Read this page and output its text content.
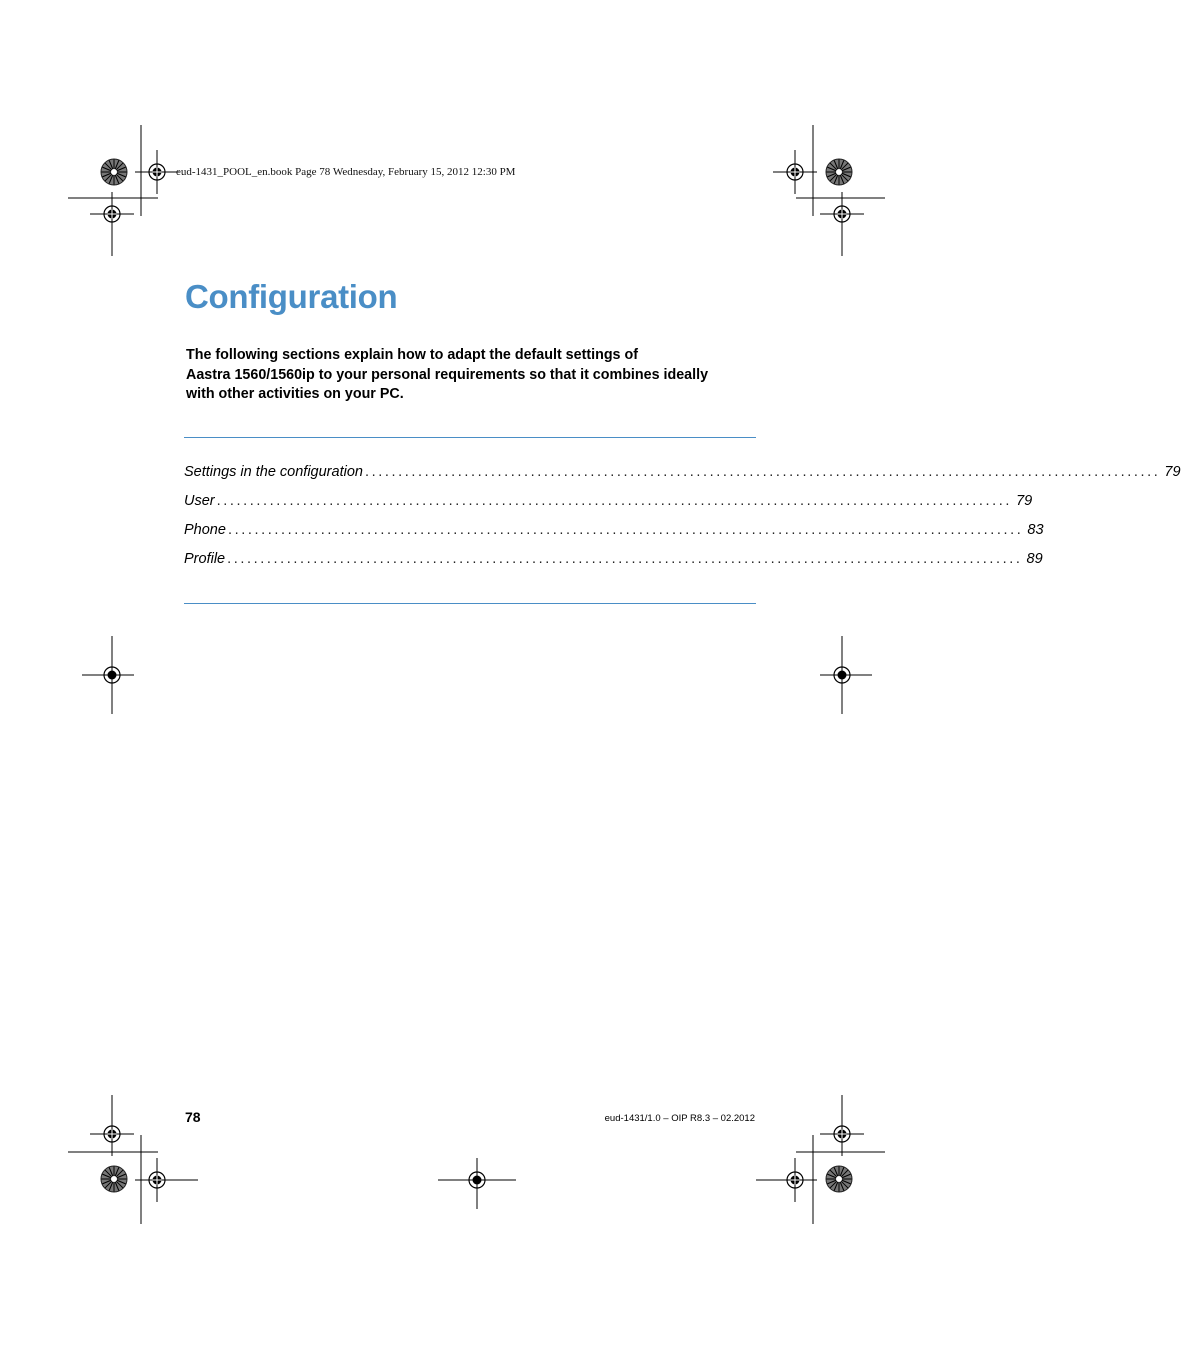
eud-1431_POOL_en.book Page 78 Wednesday, February 15, 2012 12:30 PM
Configuration

The following sections explain how to adapt the default settings of
Aastra 1560/1560ip to your personal requirements so that it combines ideally
with other activities on your PC.

Settings in the configuration ........................................................................................................................ 79
User ........................................................................................................................ 79
Phone ........................................................................................................................ 83
Profile ........................................................................................................................ 89
78	eud-1431/1.0 – OIP R8.3 – 02.2012
